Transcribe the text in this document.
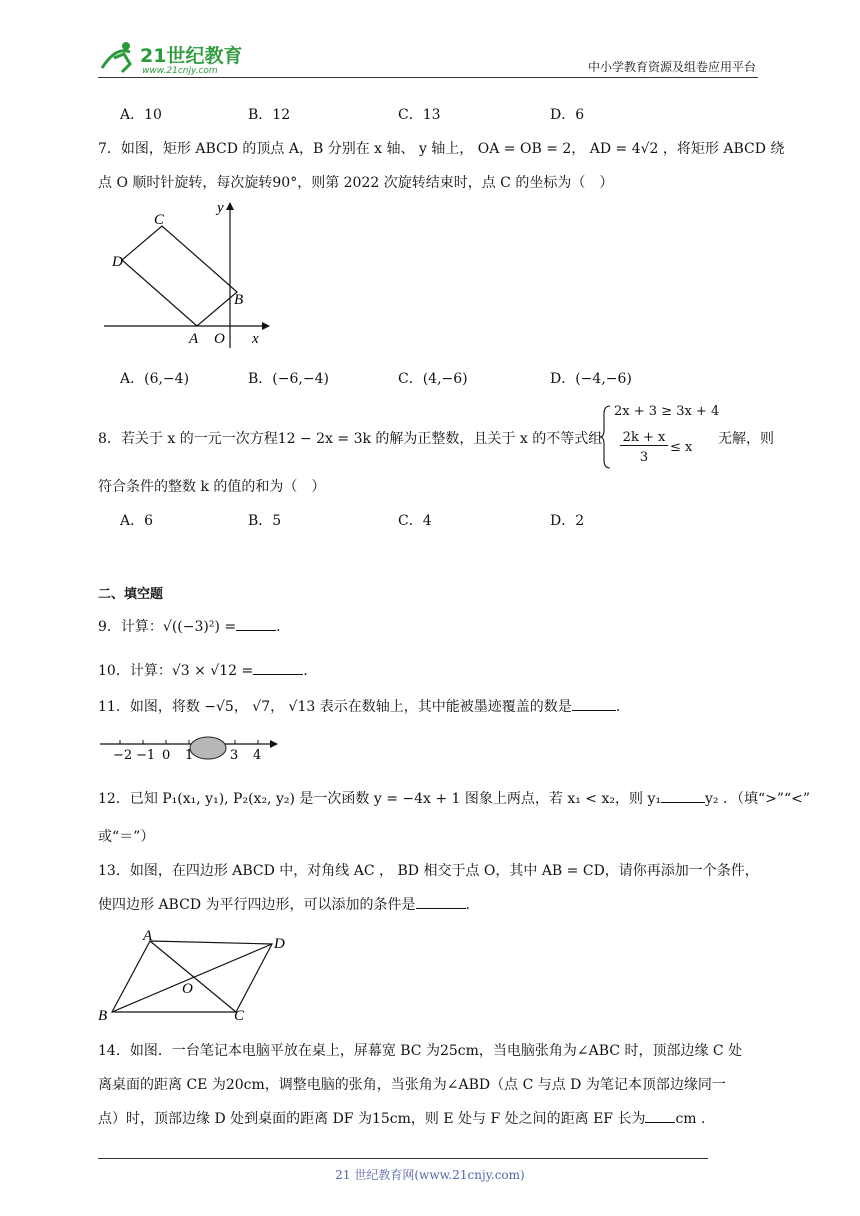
21世纪教育
www.21cnjy.com	中小学教育资源及组卷应用平台
A．10	B．12	C．13	D．6
7．如图，矩形 ABCD 的顶点 A，B 分别在 x 轴、 y 轴上， OA = OB = 2， AD = 4√2 ，将矩形 ABCD 绕
点 O 顺时针旋转，每次旋转90°，则第 2022 次旋转结束时，点 C 的坐标为（　）
C
y
D
B
A O x
A．(6,−4)	B．(−6,−4)	C．(4,−6)	D．(−4,−6)
8．若关于 x 的一元一次方程12 − 2x = 3k 的解为正整数，且关于 x 的不等式组
2x + 3 ≥ 3x + 4
2k + x
3
≤ x
无解，则
符合条件的整数 k 的值的和为（　）
A．6	B．5	C．4	D．2
二、填空题
9．计算：√((−3)²) =	.
10．计算：√3 × √12 =	.
11．如图，将数 −√5， √7， √13 表示在数轴上，其中能被墨迹覆盖的数是	.
−2 −1 0 1	3 4
12．已知 P₁(x₁, y₁), P₂(x₂, y₂) 是一次函数 y = −4x + 1 图象上两点，若 x₁ < x₂，则 y₁	y₂ ．（填“>”“<”
或“＝”）
13．如图，在四边形 ABCD 中，对角线 AC ， BD 相交于点 O，其中 AB = CD，请你再添加一个条件，
使四边形 ABCD 为平行四边形，可以添加的条件是	.
A	D
O
B	C
14．如图．一台笔记本电脑平放在桌上，屏幕宽 BC 为25cm，当电脑张角为∠ABC 时，顶部边缘 C 处
离桌面的距离 CE 为20cm，调整电脑的张角，当张角为∠ABD（点 C 与点 D 为笔记本顶部边缘同一
点）时，顶部边缘 D 处到桌面的距离 DF 为15cm，则 E 处与 F 处之间的距离 EF 长为 cm .
21 世纪教育网(www.21cnjy.com)
